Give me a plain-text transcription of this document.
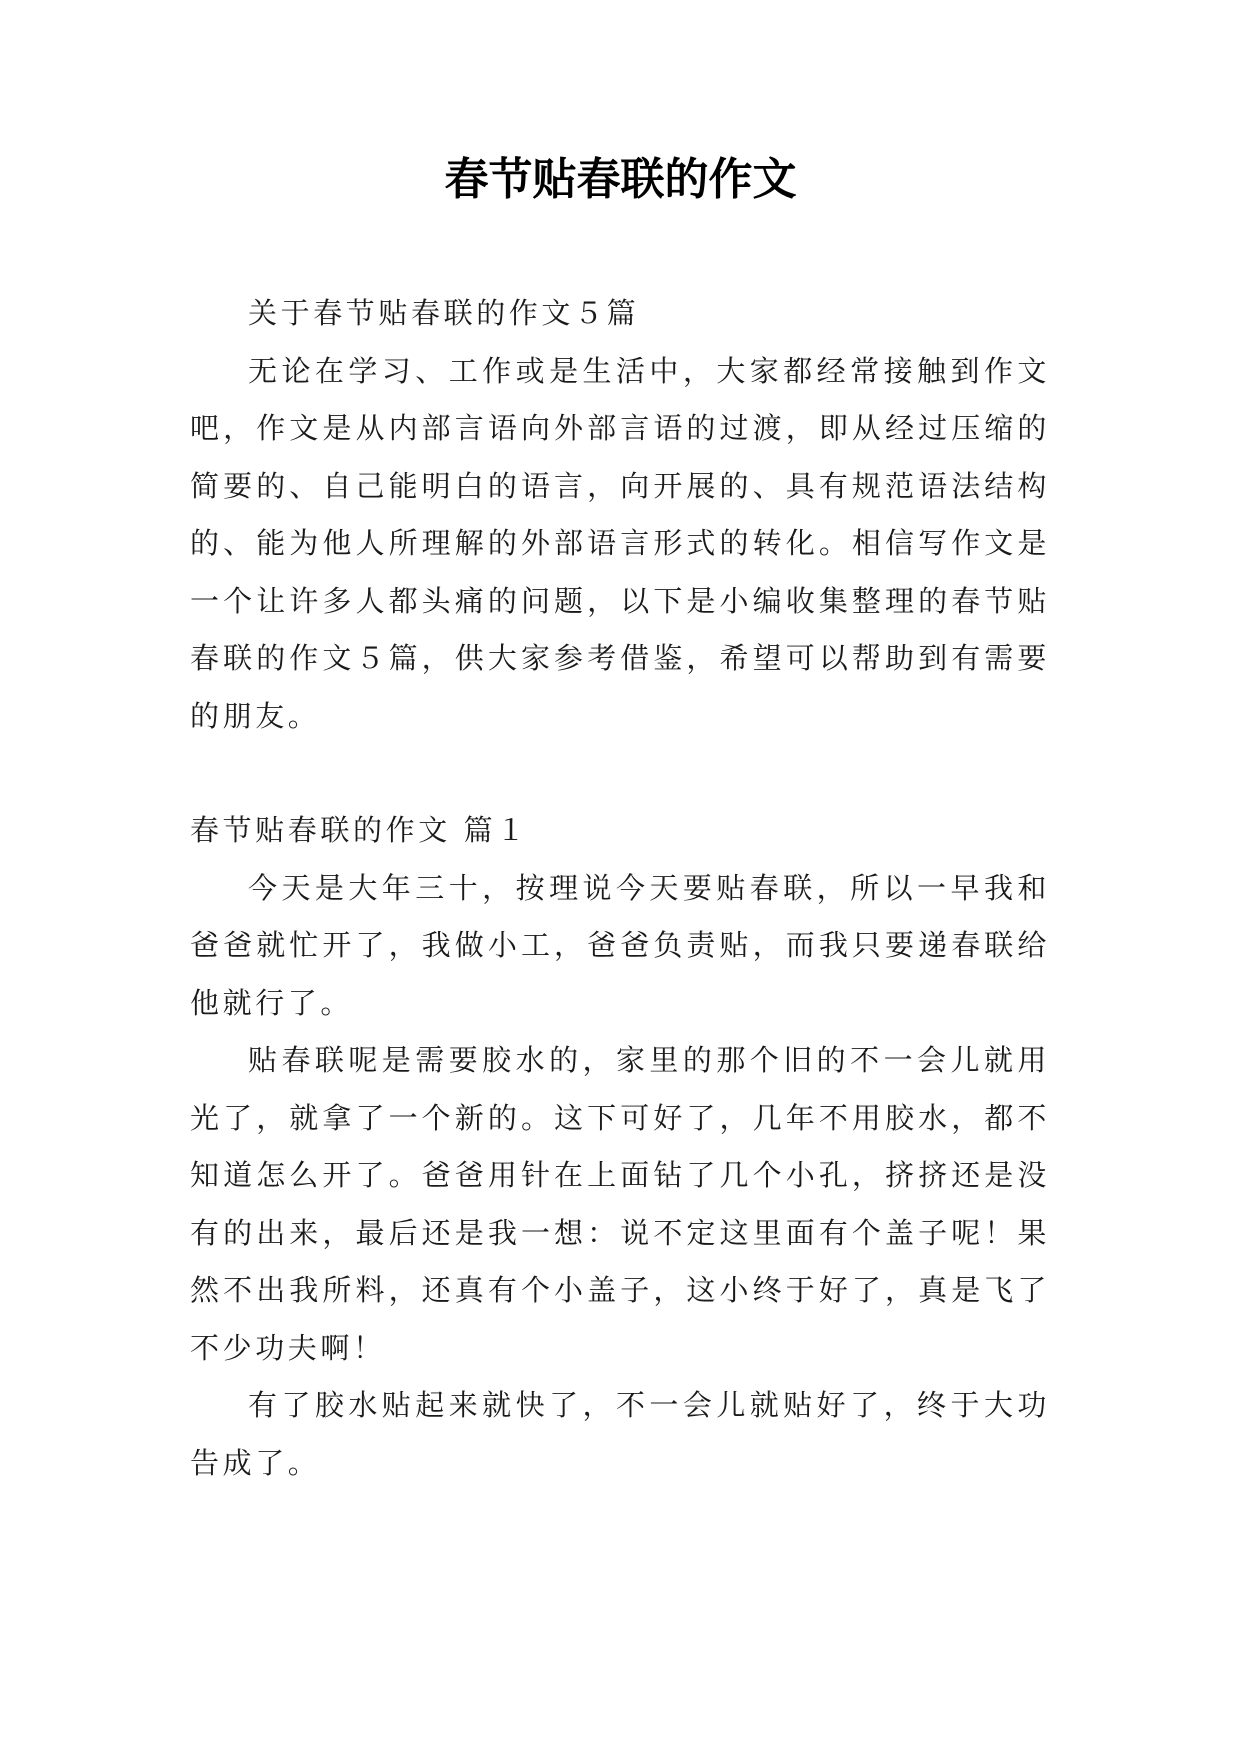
春节贴春联的作文

关于春节贴春联的作文５篇

无论在学习、工作或是生活中，大家都经常接触到作文吧，作文是从内部言语向外部言语的过渡，即从经过压缩的简要的、自己能明白的语言，向开展的、具有规范语法结构的、能为他人所理解的外部语言形式的转化。相信写作文是一个让许多人都头痛的问题，以下是小编收集整理的春节贴春联的作文５篇，供大家参考借鉴，希望可以帮助到有需要的朋友。

春节贴春联的作文 篇１

今天是大年三十，按理说今天要贴春联，所以一早我和爸爸就忙开了，我做小工，爸爸负责贴，而我只要递春联给他就行了。

贴春联呢是需要胶水的，家里的那个旧的不一会儿就用光了，就拿了一个新的。这下可好了，几年不用胶水，都不知道怎么开了。爸爸用针在上面钻了几个小孔，挤挤还是没有的出来，最后还是我一想：说不定这里面有个盖子呢！果然不出我所料，还真有个小盖子，这小终于好了，真是飞了不少功夫啊！

有了胶水贴起来就快了，不一会儿就贴好了，终于大功告成了。
